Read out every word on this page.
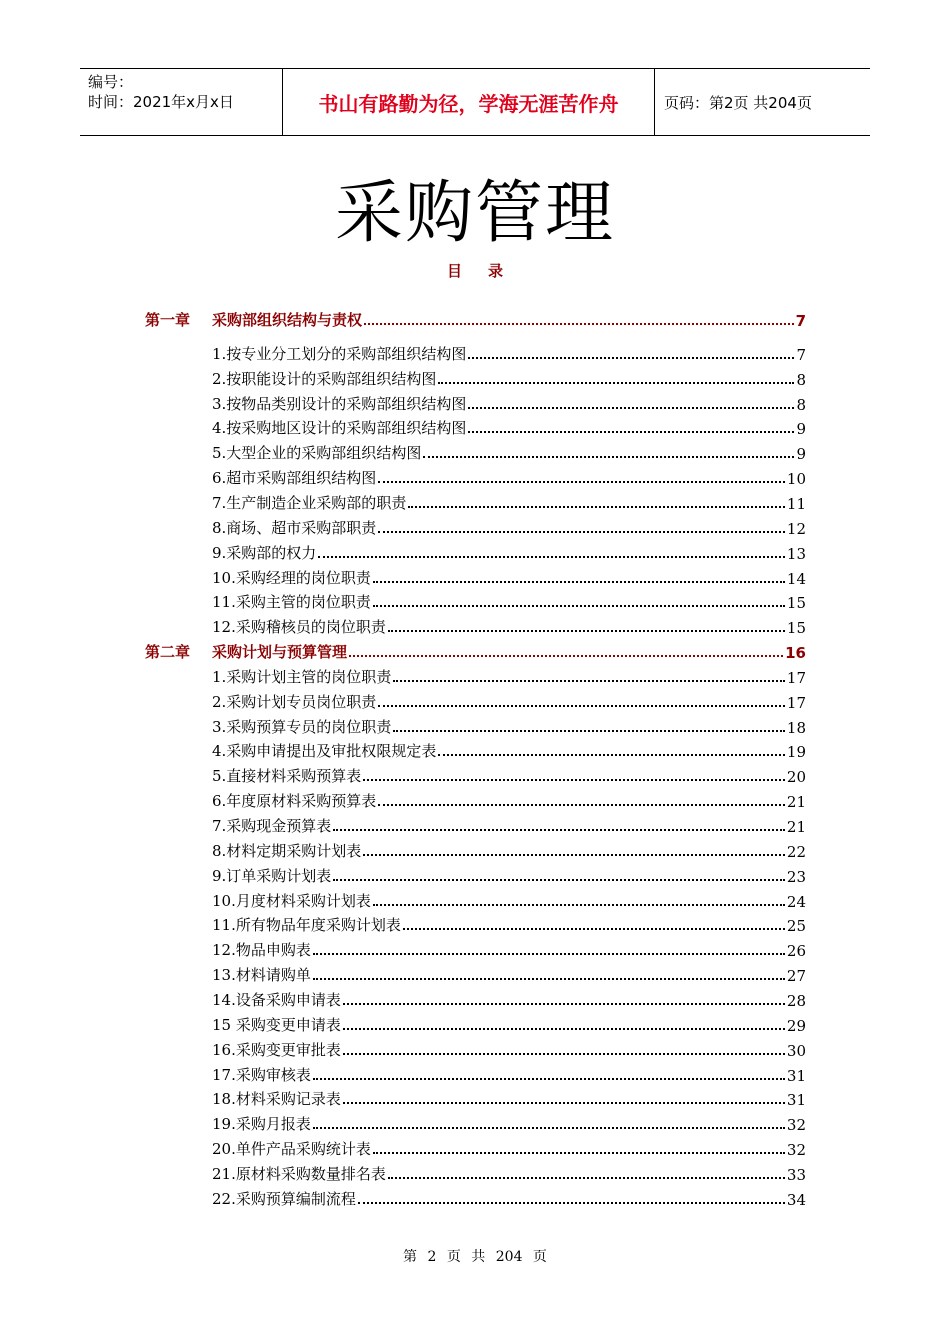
编号：
时间：2021年x月x日	书山有路勤为径，学海无涯苦作舟	页码：第2页 共204页
采购管理
目录
第一章	采购部组织结构与责权	7
1.按专业分工划分的采购部组织结构图	7
2.按职能设计的采购部组织结构图	8
3.按物品类别设计的采购部组织结构图	8
4.按采购地区设计的采购部组织结构图	9
5.大型企业的采购部组织结构图	9
6.超市采购部组织结构图	10
7.生产制造企业采购部的职责	11
8.商场、超市采购部职责	12
9.采购部的权力	13
10.采购经理的岗位职责	14
11.采购主管的岗位职责	15
12.采购稽核员的岗位职责	15
第二章	采购计划与预算管理	16
1.采购计划主管的岗位职责	17
2.采购计划专员岗位职责	17
3.采购预算专员的岗位职责	18
4.采购申请提出及审批权限规定表	19
5.直接材料采购预算表	20
6.年度原材料采购预算表	21
7.采购现金预算表	21
8.材料定期采购计划表	22
9.订单采购计划表	23
10.月度材料采购计划表	24
11.所有物品年度采购计划表	25
12.物品申购表	26
13.材料请购单	27
14.设备采购申请表	28
15 采购变更申请表	29
16.采购变更审批表	30
17.采购审核表	31
18.材料采购记录表	31
19.采购月报表	32
20.单件产品采购统计表	32
21.原材料采购数量排名表	33
22.采购预算编制流程	34
第 2 页 共 204 页
